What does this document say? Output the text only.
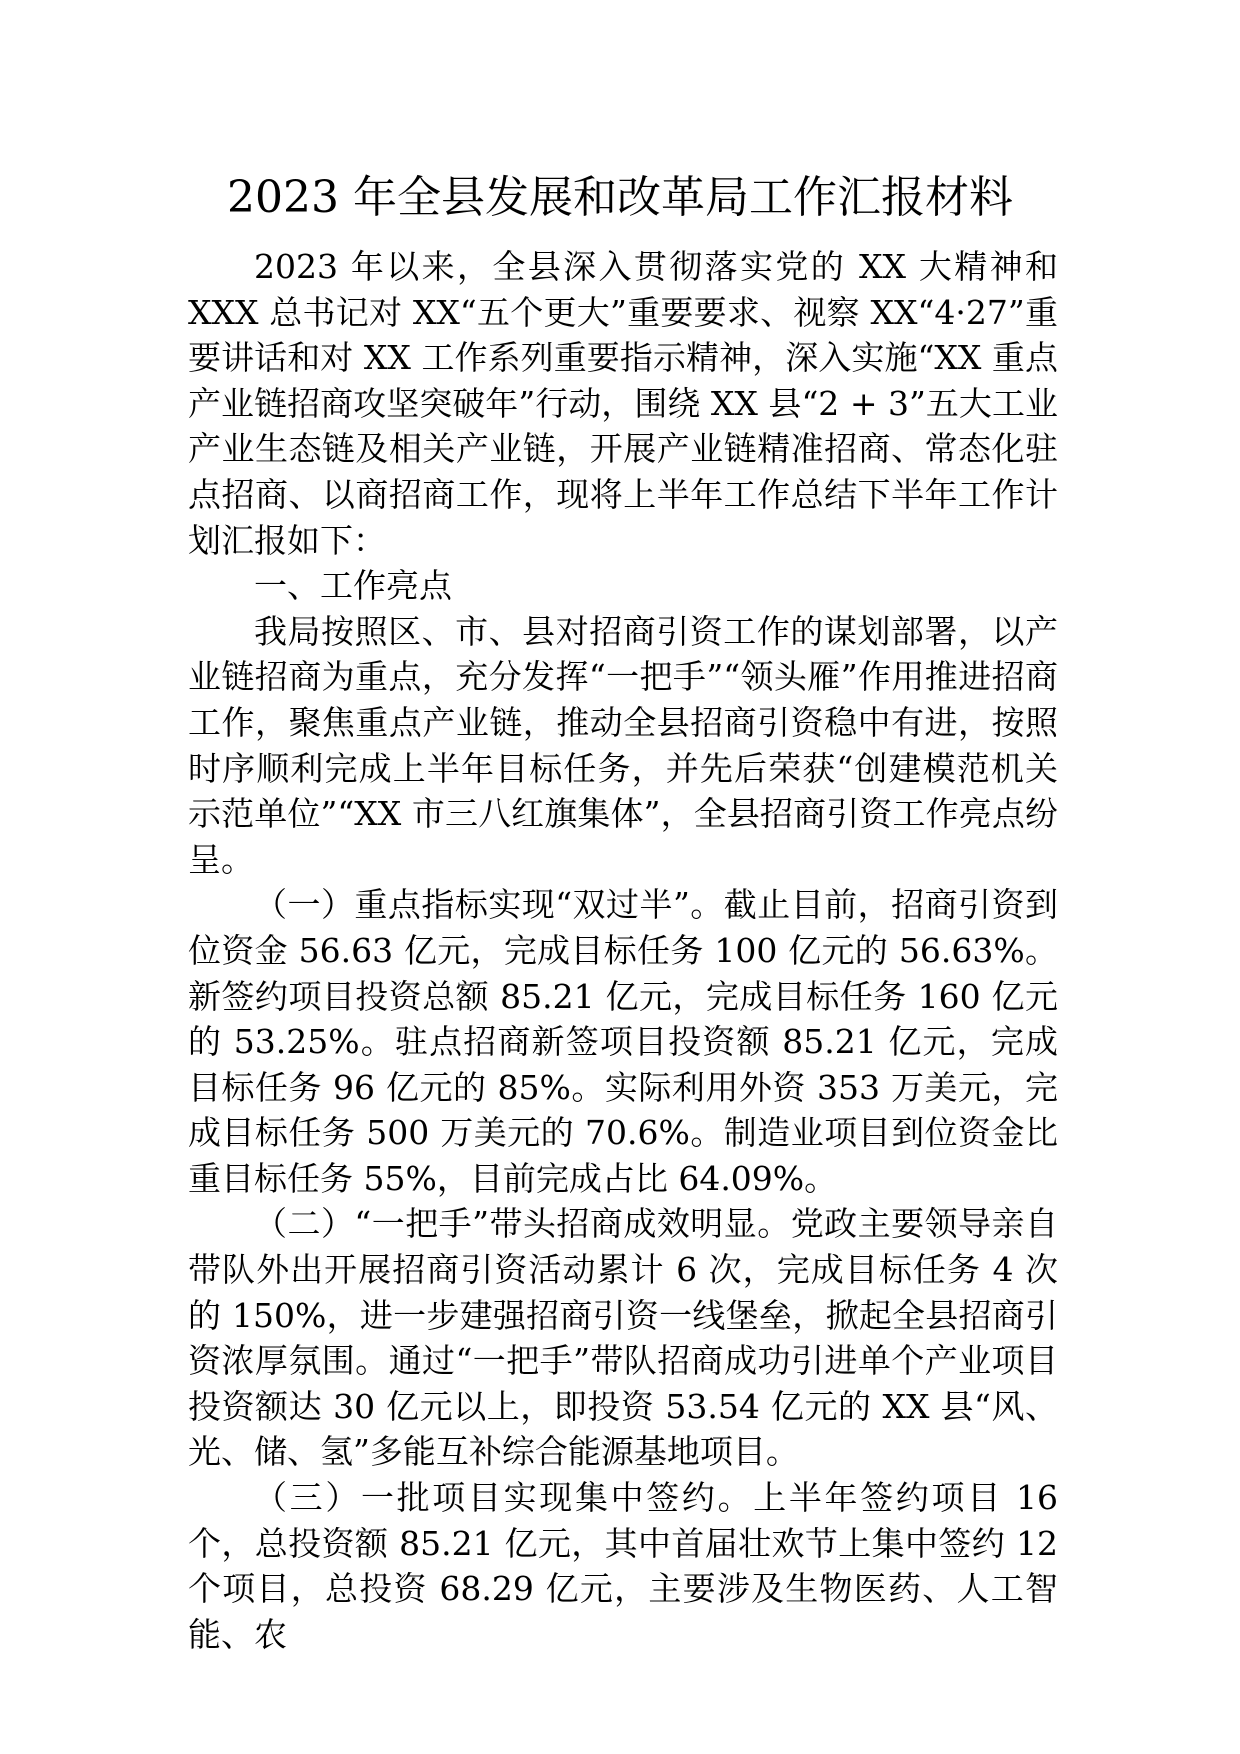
2023 年全县发展和改革局工作汇报材料

2023 年以来，全县深入贯彻落实党的 XX 大精神和 XXX 总书记对 XX“五个更大”重要要求、视察 XX“4·27”重要讲话和对 XX 工作系列重要指示精神，深入实施“XX 重点产业链招商攻坚突破年”行动，围绕 XX 县“2 + 3”五大工业产业生态链及相关产业链，开展产业链精准招商、常态化驻点招商、以商招商工作，现将上半年工作总结下半年工作计划汇报如下：

一、工作亮点

我局按照区、市、县对招商引资工作的谋划部署，以产业链招商为重点，充分发挥“一把手”“领头雁”作用推进招商工作，聚焦重点产业链，推动全县招商引资稳中有进，按照时序顺利完成上半年目标任务，并先后荣获“创建模范机关示范单位”“XX 市三八红旗集体”，全县招商引资工作亮点纷呈。

（一）重点指标实现“双过半”。截止目前，招商引资到位资金 56.63 亿元，完成目标任务 100 亿元的 56.63%。新签约项目投资总额 85.21 亿元，完成目标任务 160 亿元的 53.25%。驻点招商新签项目投资额 85.21 亿元，完成目标任务 96 亿元的 85%。实际利用外资 353 万美元，完成目标任务 500 万美元的 70.6%。制造业项目到位资金比重目标任务 55%，目前完成占比 64.09%。

（二）“一把手”带头招商成效明显。党政主要领导亲自带队外出开展招商引资活动累计 6 次，完成目标任务 4 次的 150%，进一步建强招商引资一线堡垒，掀起全县招商引资浓厚氛围。通过“一把手”带队招商成功引进单个产业项目投资额达 30 亿元以上，即投资 53.54 亿元的 XX 县“风、光、储、氢”多能互补综合能源基地项目。

（三）一批项目实现集中签约。上半年签约项目 16 个，总投资额 85.21 亿元，其中首届壮欢节上集中签约 12 个项目，总投资 68.29 亿元，主要涉及生物医药、人工智能、农
